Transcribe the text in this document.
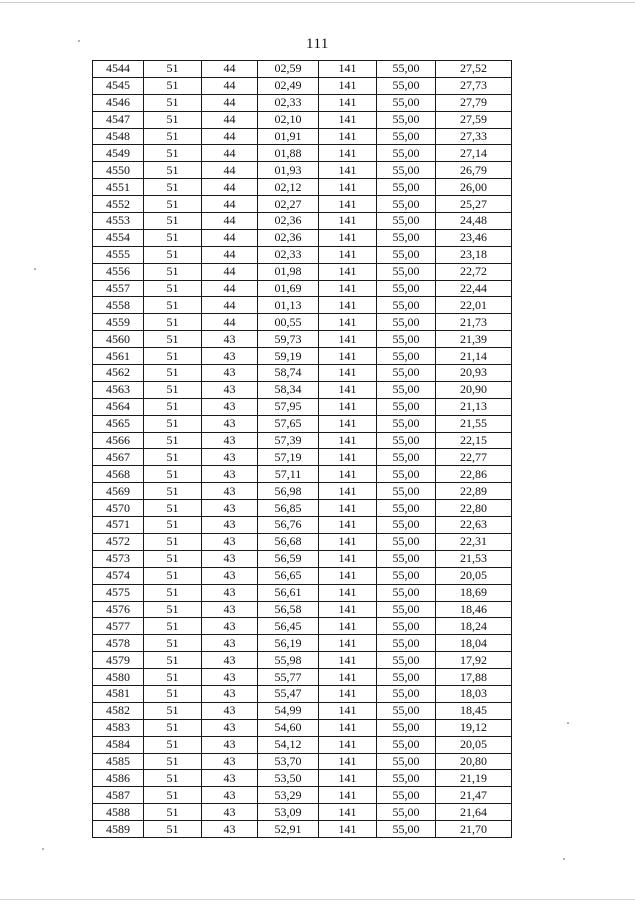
111
4544	51	44	02,59	141	55,00	27,52
4545	51	44	02,49	141	55,00	27,73
4546	51	44	02,33	141	55,00	27,79
4547	51	44	02,10	141	55,00	27,59
4548	51	44	01,91	141	55,00	27,33
4549	51	44	01,88	141	55,00	27,14
4550	51	44	01,93	141	55,00	26,79
4551	51	44	02,12	141	55,00	26,00
4552	51	44	02,27	141	55,00	25,27
4553	51	44	02,36	141	55,00	24,48
4554	51	44	02,36	141	55,00	23,46
4555	51	44	02,33	141	55,00	23,18
4556	51	44	01,98	141	55,00	22,72
4557	51	44	01,69	141	55,00	22,44
4558	51	44	01,13	141	55,00	22,01
4559	51	44	00,55	141	55,00	21,73
4560	51	43	59,73	141	55,00	21,39
4561	51	43	59,19	141	55,00	21,14
4562	51	43	58,74	141	55,00	20,93
4563	51	43	58,34	141	55,00	20,90
4564	51	43	57,95	141	55,00	21,13
4565	51	43	57,65	141	55,00	21,55
4566	51	43	57,39	141	55,00	22,15
4567	51	43	57,19	141	55,00	22,77
4568	51	43	57,11	141	55,00	22,86
4569	51	43	56,98	141	55,00	22,89
4570	51	43	56,85	141	55,00	22,80
4571	51	43	56,76	141	55,00	22,63
4572	51	43	56,68	141	55,00	22,31
4573	51	43	56,59	141	55,00	21,53
4574	51	43	56,65	141	55,00	20,05
4575	51	43	56,61	141	55,00	18,69
4576	51	43	56,58	141	55,00	18,46
4577	51	43	56,45	141	55,00	18,24
4578	51	43	56,19	141	55,00	18,04
4579	51	43	55,98	141	55,00	17,92
4580	51	43	55,77	141	55,00	17,88
4581	51	43	55,47	141	55,00	18,03
4582	51	43	54,99	141	55,00	18,45
4583	51	43	54,60	141	55,00	19,12
4584	51	43	54,12	141	55,00	20,05
4585	51	43	53,70	141	55,00	20,80
4586	51	43	53,50	141	55,00	21,19
4587	51	43	53,29	141	55,00	21,47
4588	51	43	53,09	141	55,00	21,64
4589	51	43	52,91	141	55,00	21,70
